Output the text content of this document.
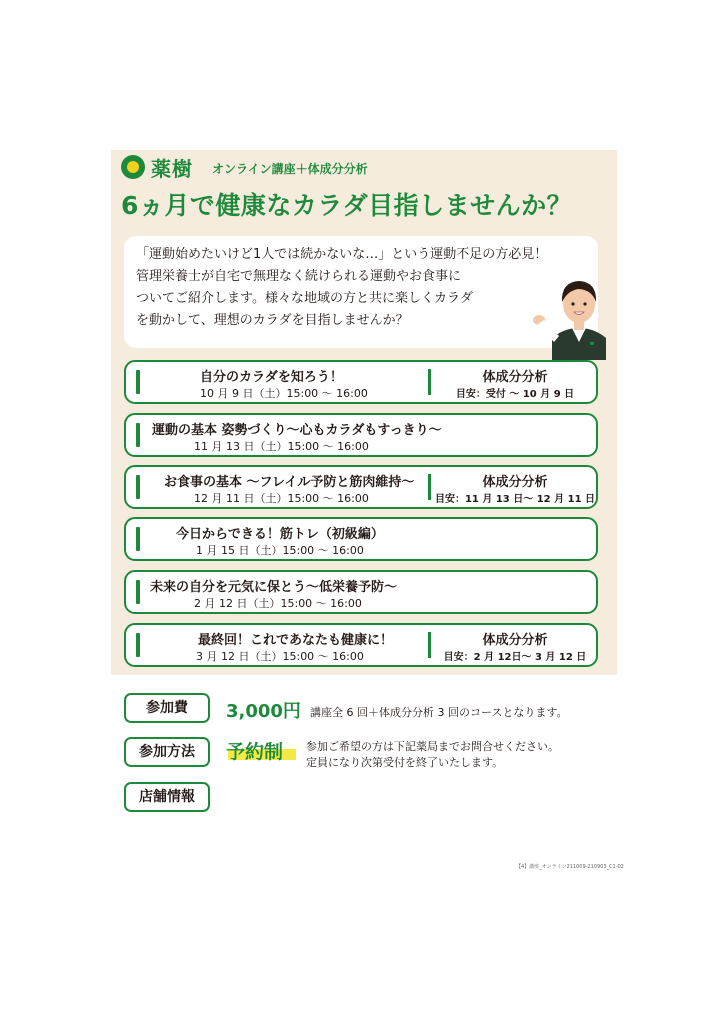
薬樹 オンライン講座＋体成分分析
6ヵ月で健康なカラダ目指しませんか？
「運動始めたいけど1人では続かないな…」という運動不足の方必見！
管理栄養士が自宅で無理なく続けられる運動やお食事に
ついてご紹介します。様々な地域の方と共に楽しくカラダ
を動かして、理想のカラダを目指しませんか？
自分のカラダを知ろう！
10 月 9 日（土）15:00 ～ 16:00
体成分分析
目安：受付 ～ 10 月 9 日
運動の基本 姿勢づくり～心もカラダもすっきり～
11 月 13 日（土）15:00 ～ 16:00
お食事の基本 ～フレイル予防と筋肉維持～
12 月 11 日（土）15:00 ～ 16:00
体成分分析
目安：11 月 13 日～ 12 月 11 日
今日からできる！筋トレ（初級編）
1 月 15 日（土）15:00 ～ 16:00
未来の自分を元気に保とう～低栄養予防～
2 月 12 日（土）15:00 ～ 16:00
最終回！これであなたも健康に！
3 月 12 日（土）15:00 ～ 16:00
体成分分析
目安：2 月 12日～ 3 月 12 日
参加費	3,000円 講座全 6 回＋体成分分析 3 回のコースとなります。
参加方法	予約制 参加ご希望の方は下記薬局までお問合せください。
定員になり次第受付を終了いたします。
店舗情報
【4】講座_オンライン211009-210903_C1-02
